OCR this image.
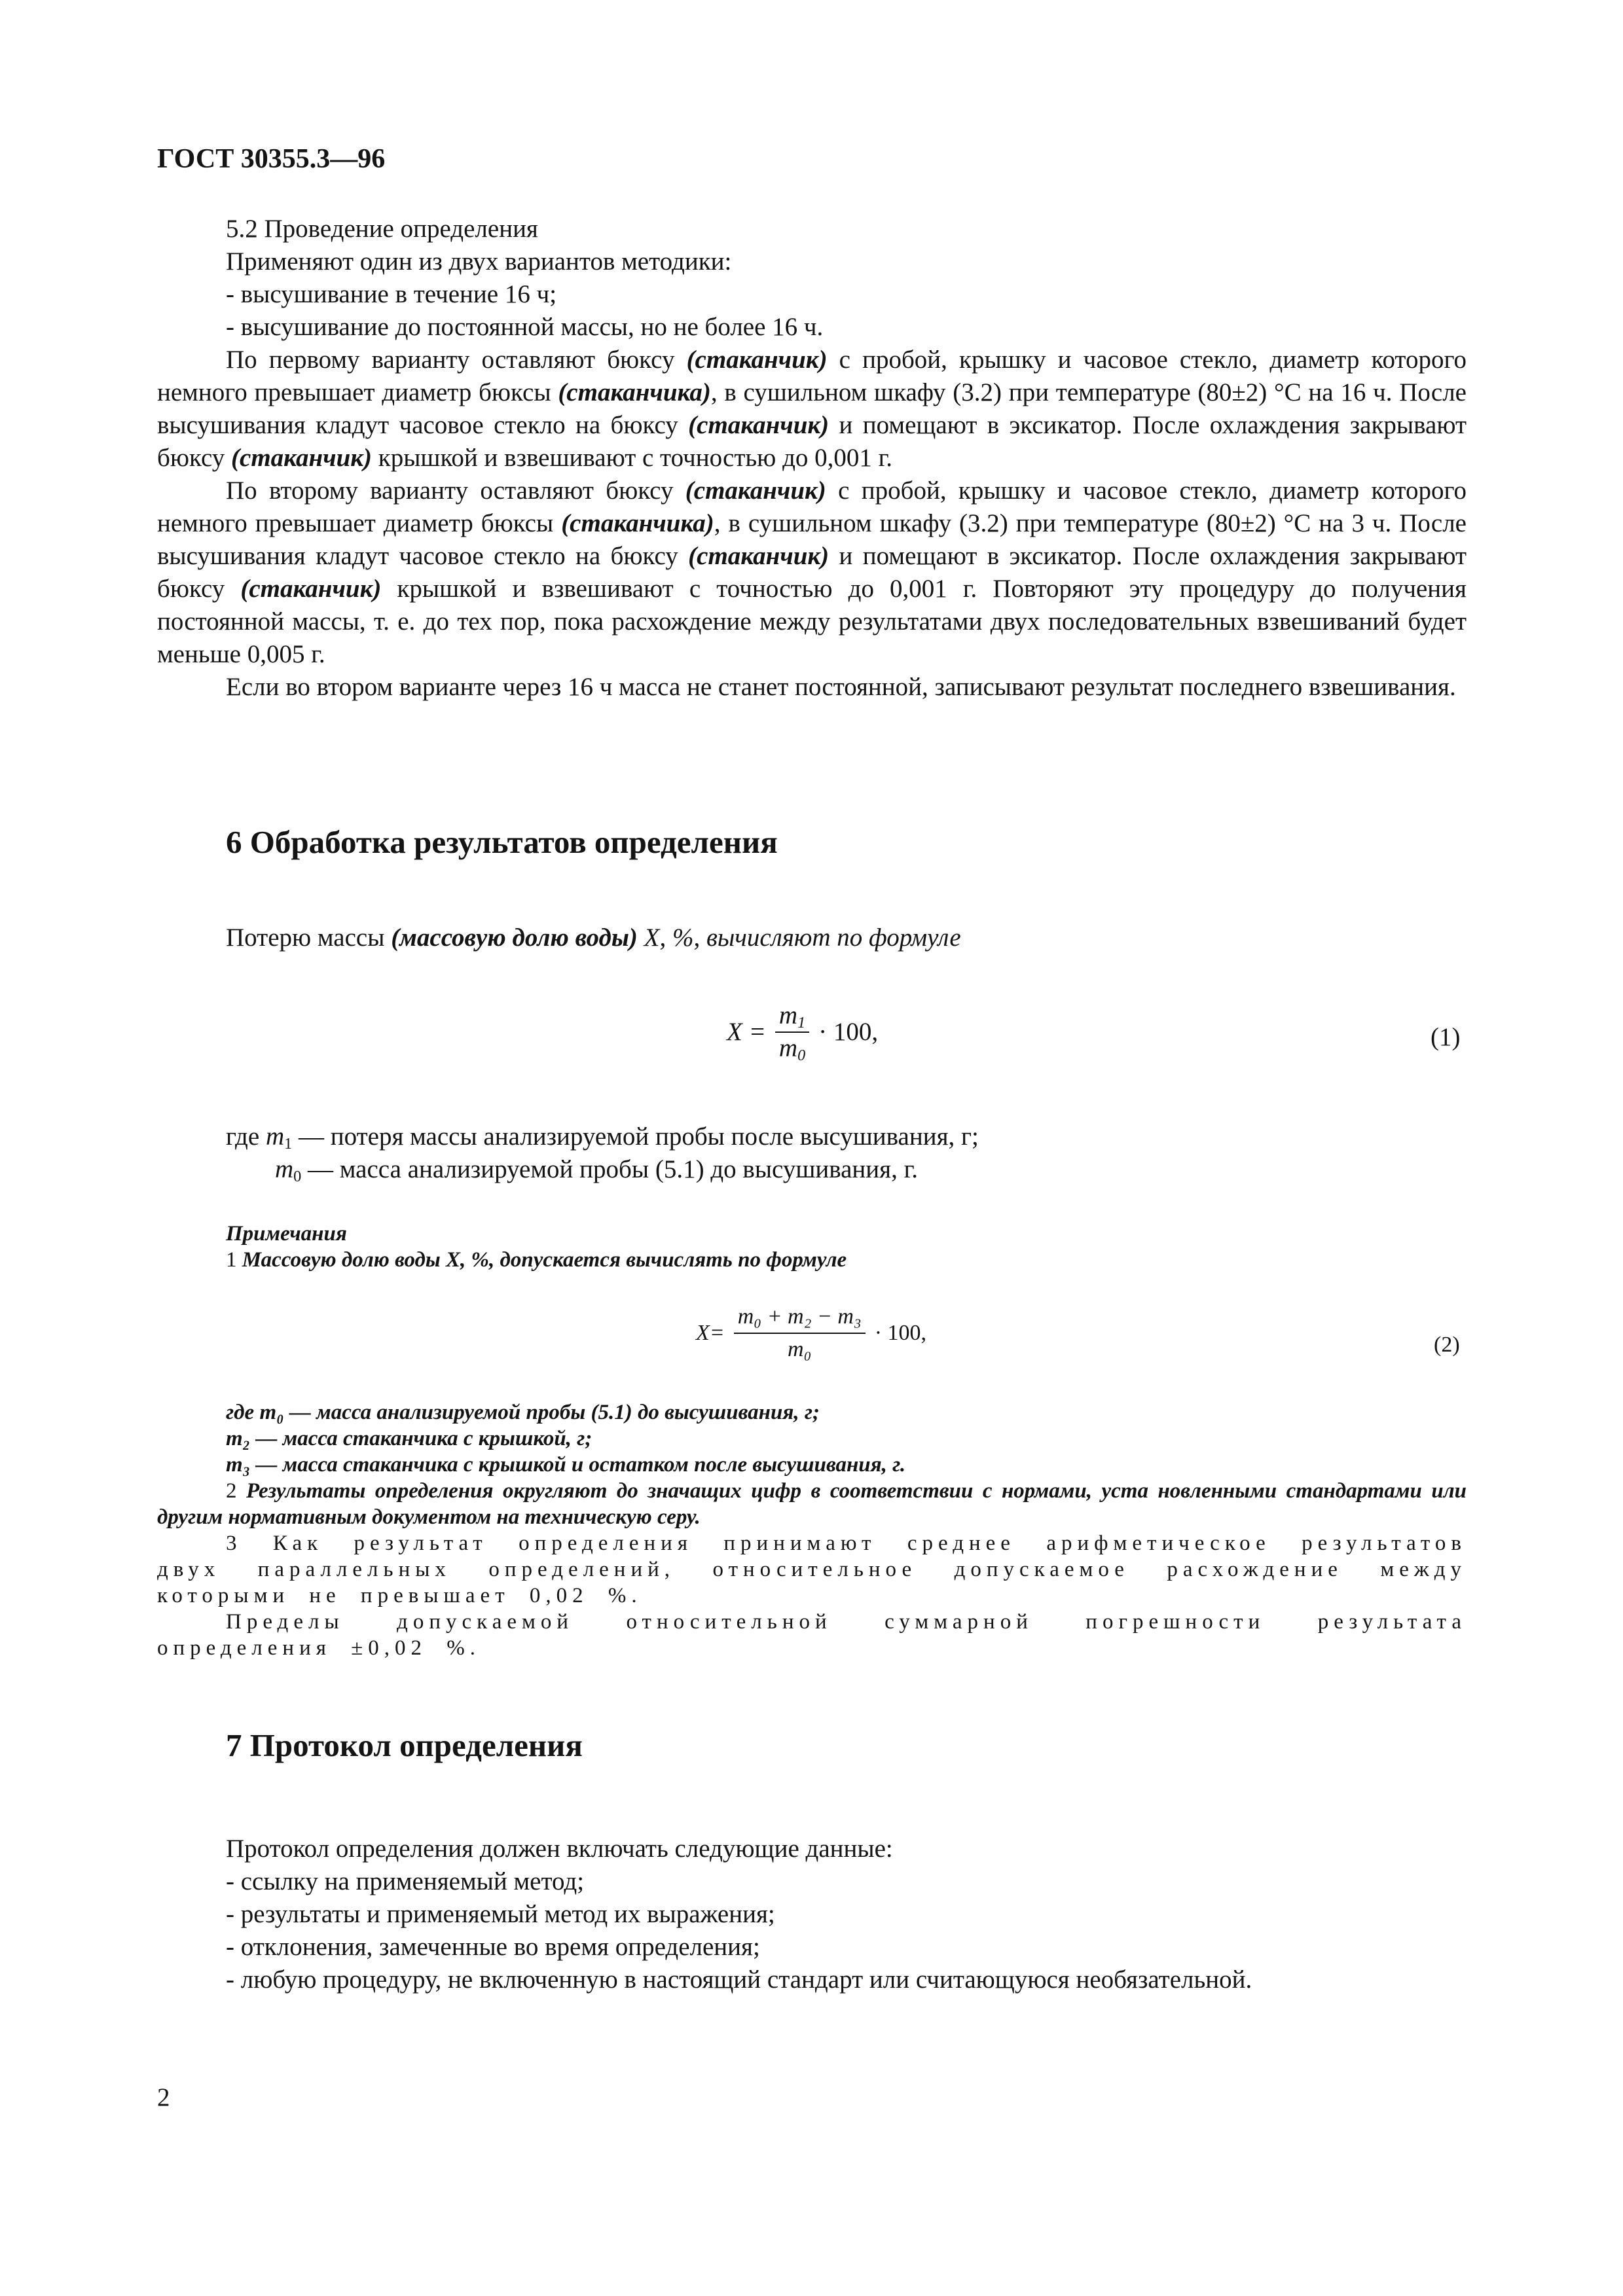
ГОСТ 30355.3—96

5.2 Проведение определения

Применяют один из двух вариантов методики:

- высушивание в течение 16 ч;

- высушивание до постоянной массы, но не более 16 ч.

По первому варианту оставляют бюксу (стаканчик) с пробой, крышку и часовое стекло, диаметр которого немного превышает диаметр бюксы (стаканчика), в сушильном шкафу (3.2) при температуре (80±2) °С на 16 ч. После высушивания кладут часовое стекло на бюксу (стаканчик) и помещают в эксикатор. После охлаждения закрывают бюксу (стаканчик) крышкой и взвешивают с точностью до 0,001 г.

По второму варианту оставляют бюксу (стаканчик) с пробой, крышку и часовое стекло, диаметр которого немного превышает диаметр бюксы (стаканчика), в сушильном шкафу (3.2) при температуре (80±2) °С на 3 ч. После высушивания кладут часовое стекло на бюксу (стаканчик) и помещают в эксикатор. После охлаждения закрывают бюксу (стаканчик) крышкой и взвешивают с точностью до 0,001 г. Повторяют эту процедуру до получения постоянной массы, т. е. до тех пор, пока расхождение между результатами двух последовательных взвешиваний будет меньше 0,005 г.

Если во втором варианте через 16 ч масса не станет постоянной, записывают результат последнего взвешивания.

6 Обработка результатов определения

Потерю массы (массовую долю воды) X, %, вычисляют по формуле

$X = \frac{m_1}{m_0} \cdot 100$,	(1)
где $m_1$ — потеря массы анализируемой пробы после высушивания, г;
$m_0$ — масса анализируемой пробы (5.1) до высушивания, г.
Примечания
1 Массовую долю воды X, %, допускается вычислять по формуле
$X= \frac{\text{m₀ + m₂ − m₃}}{\text{m₀}} \cdot 100$,	(2)
где m₀ — масса анализируемой пробы (5.1) до высушивания, г;
m₂ — масса стаканчика с крышкой, г;
m₃ — масса стаканчика с крышкой и остатком после высушивания, г.
2 Результаты определения округляют до значащих цифр в соответствии с нормами, уста новленными стандартами или другим нормативным документом на техническую серу.
3 Как результат определения принимают среднее арифметическое результатов двух параллельных определений, относительное допускаемое расхождение между которыми не превышает 0,02 %.
Пределы допускаемой относительной суммарной погрешности результата определения ±0,02 %.
7 Протокол определения

Протокол определения должен включать следующие данные:

- ссылку на применяемый метод;

- результаты и применяемый метод их выражения;

- отклонения, замеченные во время определения;

- любую процедуру, не включенную в настоящий стандарт или считающуюся необязательной.

2
